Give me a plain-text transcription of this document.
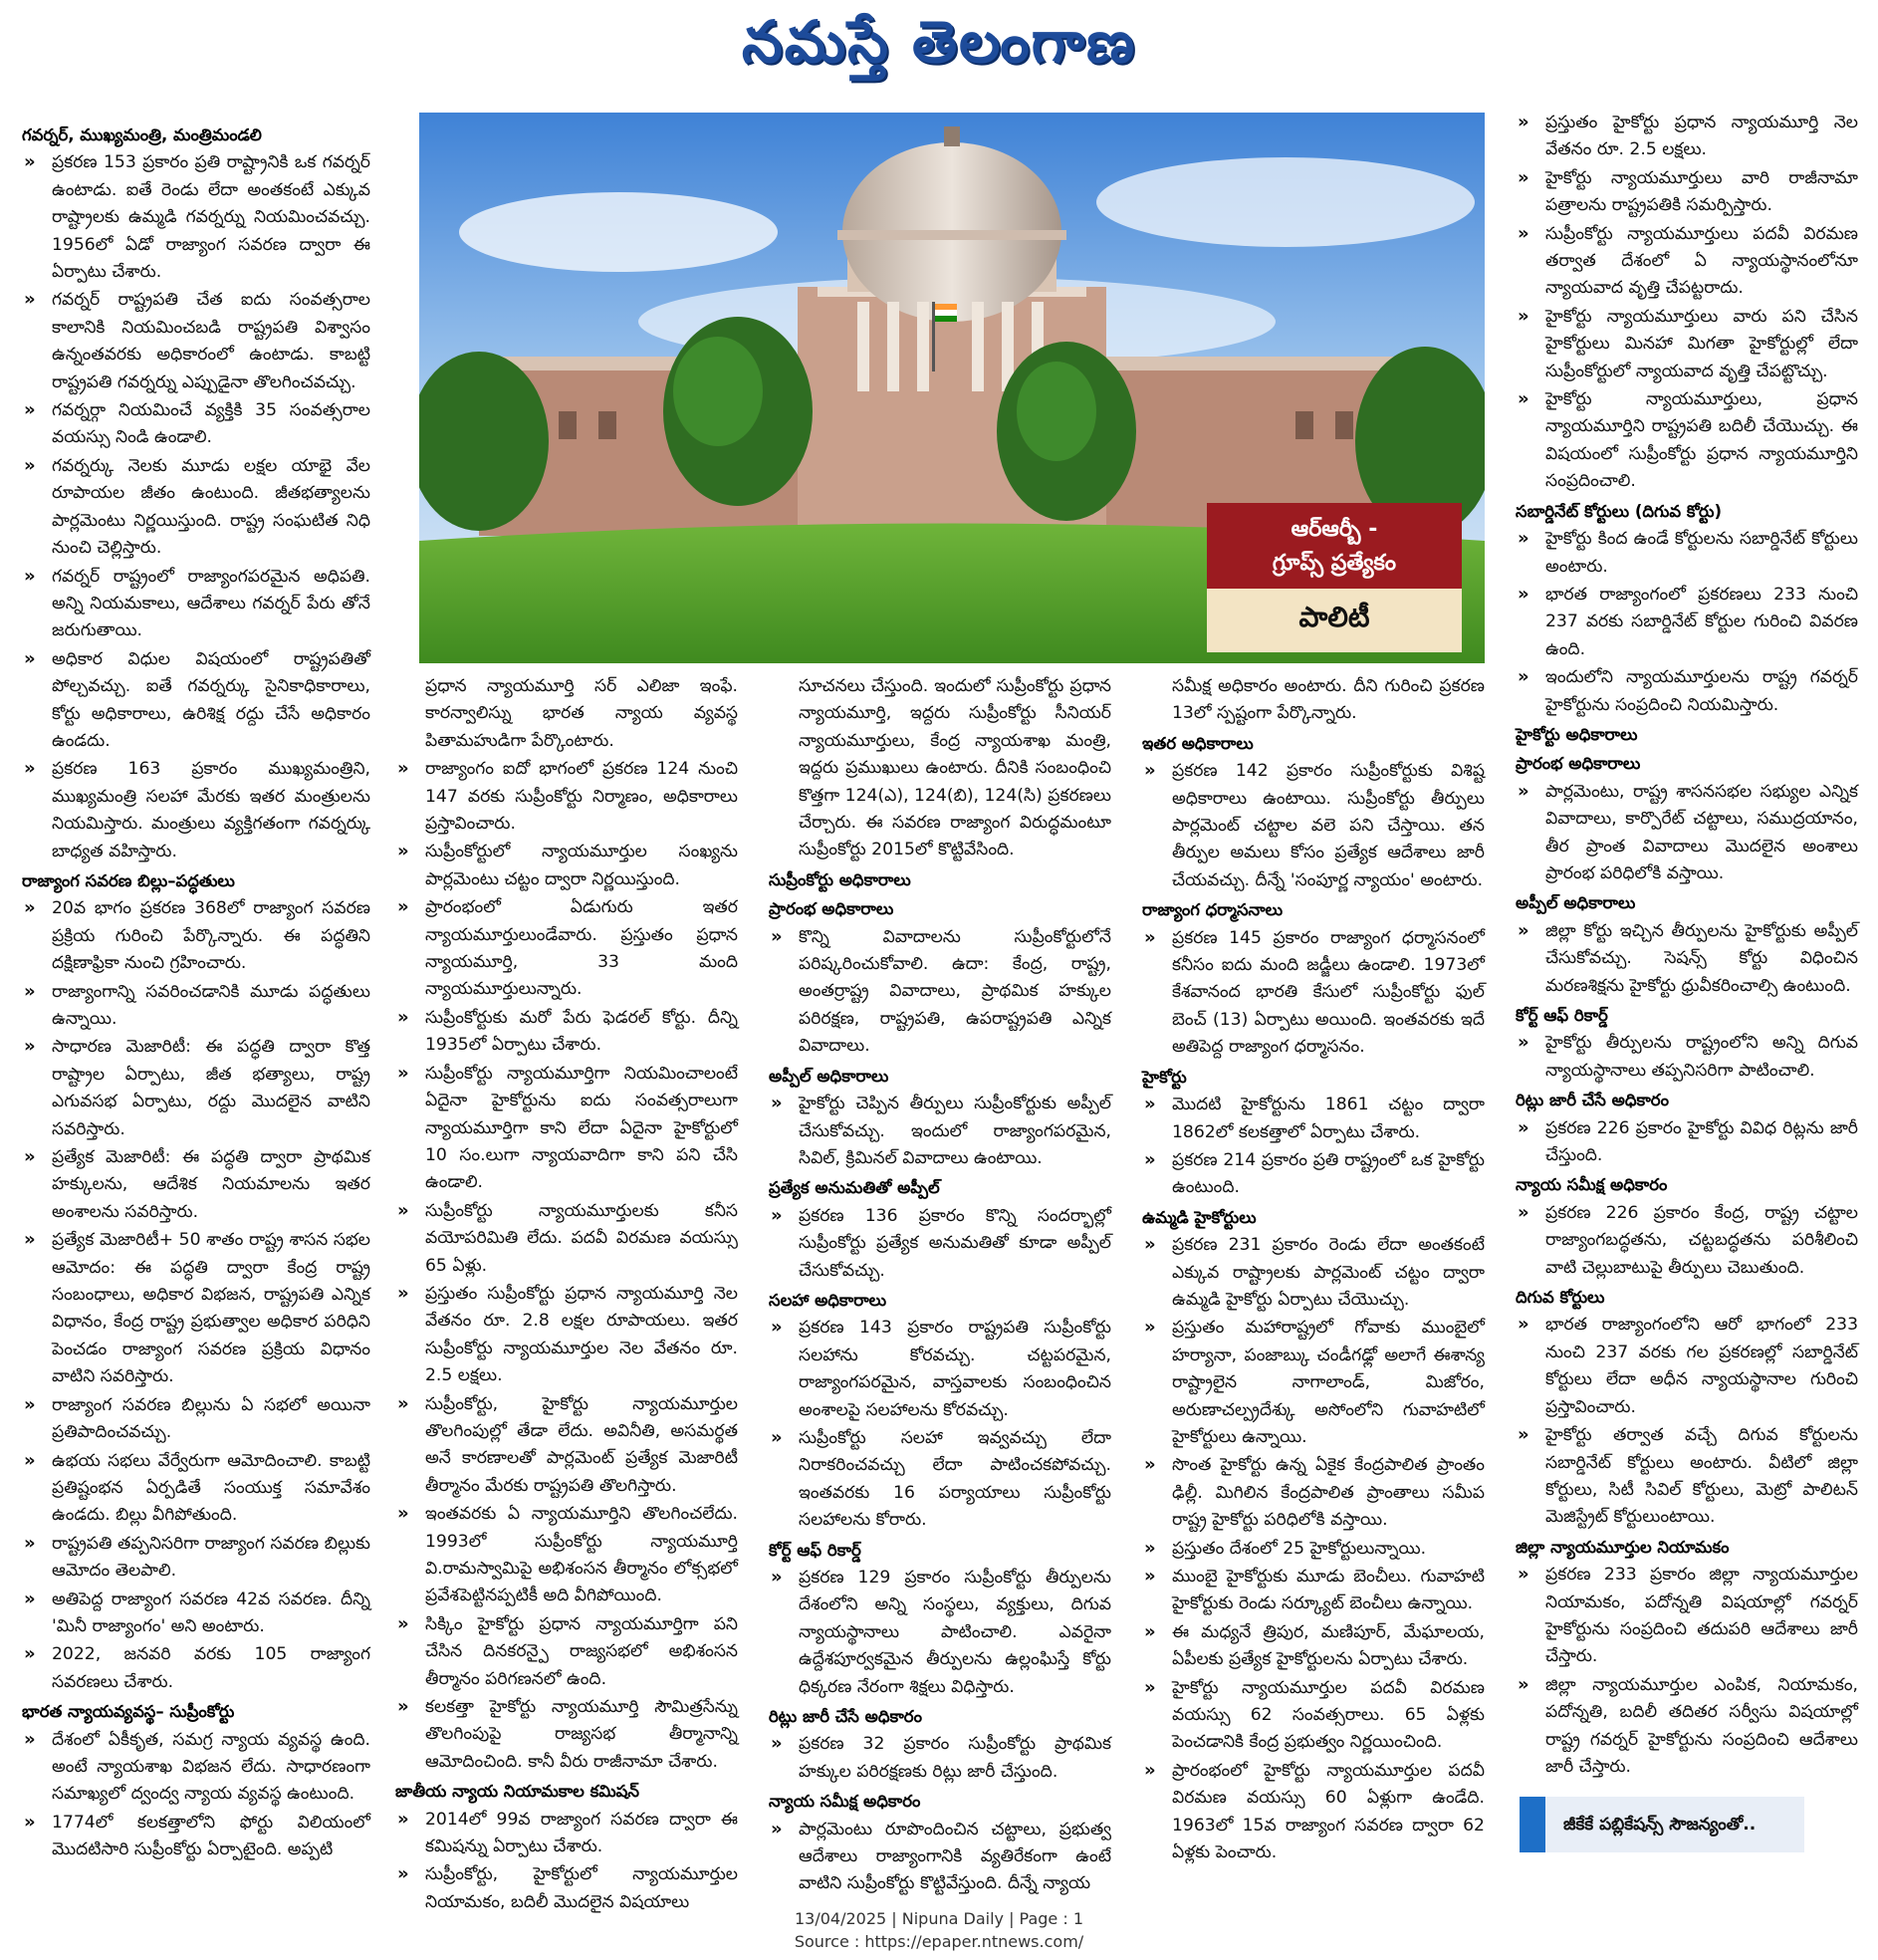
నమస్తే తెలంగాణ
గవర్నర్, ముఖ్యమంత్రి, మంత్రిమండలి

» ప్రకరణ 153 ప్రకారం ప్రతి రాష్ట్రానికి ఒక గవర్నర్ ఉంటాడు. ఐతే రెండు లేదా అంతకంటే ఎక్కువ రాష్ట్రాలకు ఉమ్మడి గవర్నర్ను నియమించవచ్చు. 1956లో ఏడో రాజ్యాంగ సవరణ ద్వారా ఈ ఏర్పాటు చేశారు.

» గవర్నర్ రాష్ట్రపతి చేత ఐదు సంవత్సరాల కాలానికి నియమించబడి రాష్ట్రపతి విశ్వాసం ఉన్నంతవరకు అధికారంలో ఉంటాడు. కాబట్టి రాష్ట్రపతి గవర్నర్ను ఎప్పుడైనా తొలగించవచ్చు.

» గవర్నర్గా నియమించే వ్యక్తికి 35 సంవత్సరాల వయస్సు నిండి ఉండాలి.

» గవర్నర్కు నెలకు మూడు లక్షల యాభై వేల రూపాయల జీతం ఉంటుంది. జీతభత్యాలను పార్లమెంటు నిర్ణయిస్తుంది. రాష్ట్ర సంఘటిత నిధి నుంచి చెల్లిస్తారు.

» గవర్నర్ రాష్ట్రంలో రాజ్యాంగపరమైన అధిపతి. అన్ని నియమకాలు, ఆదేశాలు గవర్నర్ పేరు తోనే జరుగుతాయి.

» అధికార విధుల విషయంలో రాష్ట్రపతితో పోల్చవచ్చు. ఐతే గవర్నర్కు సైనికాధికారాలు, కోర్టు అధికారాలు, ఉరిశిక్ష రద్దు చేసే అధికారం ఉండదు.

» ప్రకరణ 163 ప్రకారం ముఖ్యమంత్రిని, ముఖ్యమంత్రి సలహా మేరకు ఇతర మంత్రులను నియమిస్తారు. మంత్రులు వ్యక్తిగతంగా గవర్నర్కు బాధ్యత వహిస్తారు.

రాజ్యాంగ సవరణ బిల్లు–పద్ధతులు

» 20వ భాగం ప్రకరణ 368లో రాజ్యాంగ సవరణ ప్రక్రియ గురించి పేర్కొన్నారు. ఈ పద్ధతిని దక్షిణాఫ్రికా నుంచి గ్రహించారు.

» రాజ్యాంగాన్ని సవరించడానికి మూడు పద్ధతులు ఉన్నాయి.

» సాధారణ మెజారిటీ: ఈ పద్ధతి ద్వారా కొత్త రాష్ట్రాల ఏర్పాటు, జీత భత్యాలు, రాష్ట్ర ఎగువసభ ఏర్పాటు, రద్దు మొదలైన వాటిని సవరిస్తారు.

» ప్రత్యేక మెజారిటీ: ఈ పద్ధతి ద్వారా ప్రాథమిక హక్కులను, ఆదేశిక నియమాలను ఇతర అంశాలను సవరిస్తారు.

» ప్రత్యేక మెజారిటీ+ 50 శాతం రాష్ట్ర శాసన సభల ఆమోదం: ఈ పద్ధతి ద్వారా కేంద్ర రాష్ట్ర సంబంధాలు, అధికార విభజన, రాష్ట్రపతి ఎన్నిక విధానం, కేంద్ర రాష్ట్ర ప్రభుత్వాల అధికార పరిధిని పెంచడం రాజ్యాంగ సవరణ ప్రక్రియ విధానం వాటిని సవరిస్తారు.

» రాజ్యాంగ సవరణ బిల్లును ఏ సభలో అయినా ప్రతిపాదించవచ్చు.

» ఉభయ సభలు వేర్వేరుగా ఆమోదించాలి. కాబట్టి ప్రతిష్టంభన ఏర్పడితే సంయుక్త సమావేశం ఉండదు. బిల్లు వీగిపోతుంది.

» రాష్ట్రపతి తప్పనిసరిగా రాజ్యాంగ సవరణ బిల్లుకు ఆమోదం తెలపాలి.

» అతిపెద్ద రాజ్యాంగ సవరణ 42వ సవరణ. దీన్ని 'మినీ రాజ్యాంగం' అని అంటారు.

» 2022, జనవరి వరకు 105 రాజ్యాంగ సవరణలు చేశారు.

భారత న్యాయవ్యవస్థ– సుప్రీంకోర్టు

» దేశంలో ఏకీకృత, సమగ్ర న్యాయ వ్యవస్థ ఉంది. అంటే న్యాయశాఖ విభజన లేదు. సాధారణంగా సమాఖ్యలో ద్వంద్వ న్యాయ వ్యవస్థ ఉంటుంది.

» 1774లో కలకత్తాలోని ఫోర్టు విలియంలో మొదటిసారి సుప్రీంకోర్టు ఏర్పాటైంది. అప్పటి

ఆర్ఆర్బీ -
గ్రూప్స్ ప్రత్యేకం
పాలిటీ

ప్రధాన న్యాయమూర్తి సర్ ఎలిజా ఇంఫే. కారన్వాలిస్ను భారత న్యాయ వ్యవస్థ పితామహుడిగా పేర్కొంటారు.

» రాజ్యాంగం ఐదో భాగంలో ప్రకరణ 124 నుంచి 147 వరకు సుప్రీంకోర్టు నిర్మాణం, అధికారాలు ప్రస్తావించారు.

» సుప్రీంకోర్టులో న్యాయమూర్తుల సంఖ్యను పార్లమెంటు చట్టం ద్వారా నిర్ణయిస్తుంది.

» ప్రారంభంలో ఏడుగురు ఇతర న్యాయమూర్తులుండేవారు. ప్రస్తుతం ప్రధాన న్యాయమూర్తి, 33 మంది న్యాయమూర్తులున్నారు.

» సుప్రీంకోర్టుకు మరో పేరు ఫెడరల్ కోర్టు. దీన్ని 1935లో ఏర్పాటు చేశారు.

» సుప్రీంకోర్టు న్యాయమూర్తిగా నియమించాలంటే ఏదైనా హైకోర్టును ఐదు సంవత్సరాలుగా న్యాయమూర్తిగా కాని లేదా ఏదైనా హైకోర్టులో 10 సం.లుగా న్యాయవాదిగా కాని పని చేసి ఉండాలి.

» సుప్రీంకోర్టు న్యాయమూర్తులకు కనీస వయోపరిమితి లేదు. పదవీ విరమణ వయస్సు 65 ఏళ్లు.

» ప్రస్తుతం సుప్రీంకోర్టు ప్రధాన న్యాయమూర్తి నెల వేతనం రూ. 2.8 లక్షల రూపాయలు. ఇతర సుప్రీంకోర్టు న్యాయమూర్తుల నెల వేతనం రూ. 2.5 లక్షలు.

» సుప్రీంకోర్టు, హైకోర్టు న్యాయమూర్తుల తొలగింపుల్లో తేడా లేదు. అవినీతి, అసమర్థత అనే కారణాలతో పార్లమెంట్ ప్రత్యేక మెజారిటీ తీర్మానం మేరకు రాష్ట్రపతి తొలగిస్తారు.

» ఇంతవరకు ఏ న్యాయమూర్తిని తొలగించలేదు. 1993లో సుప్రీంకోర్టు న్యాయమూర్తి వి.రామస్వామిపై అభిశంసన తీర్మానం లోక్సభలో ప్రవేశపెట్టినప్పటికీ అది వీగిపోయింది.

» సిక్కిం హైకోర్టు ప్రధాన న్యాయమూర్తిగా పని చేసిన దినకరన్పై రాజ్యసభలో అభిశంసన తీర్మానం పరిగణనలో ఉంది.

» కలకత్తా హైకోర్టు న్యాయమూర్తి సౌమిత్రసేన్ను తొలగింపుపై రాజ్యసభ తీర్మానాన్ని ఆమోదించింది. కానీ వీరు రాజీనామా చేశారు.

జాతీయ న్యాయ నియామకాల కమిషన్

» 2014లో 99వ రాజ్యాంగ సవరణ ద్వారా ఈ కమిషన్ను ఏర్పాటు చేశారు.

» సుప్రీంకోర్టు, హైకోర్టులో న్యాయమూర్తుల నియామకం, బదిలీ మొదలైన విషయాలు

సూచనలు చేస్తుంది. ఇందులో సుప్రీంకోర్టు ప్రధాన న్యాయమూర్తి, ఇద్దరు సుప్రీంకోర్టు సీనియర్ న్యాయమూర్తులు, కేంద్ర న్యాయశాఖ మంత్రి, ఇద్దరు ప్రముఖులు ఉంటారు. దీనికి సంబంధించి కొత్తగా 124(ఎ), 124(బి), 124(సి) ప్రకరణలు చేర్చారు. ఈ సవరణ రాజ్యాంగ విరుద్ధమంటూ సుప్రీంకోర్టు 2015లో కొట్టివేసింది.

సుప్రీంకోర్టు అధికారాలు
ప్రారంభ అధికారాలు

» కొన్ని వివాదాలను సుప్రీంకోర్టులోనే పరిష్కరించుకోవాలి. ఉదా: కేంద్ర, రాష్ట్ర, అంతర్రాష్ట్ర వివాదాలు, ప్రాథమిక హక్కుల పరిరక్షణ, రాష్ట్రపతి, ఉపరాష్ట్రపతి ఎన్నిక వివాదాలు.

అప్పీల్ అధికారాలు

» హైకోర్టు చెప్పిన తీర్పులు సుప్రీంకోర్టుకు అప్పీల్ చేసుకోవచ్చు. ఇందులో రాజ్యాంగపరమైన, సివిల్, క్రిమినల్ వివాదాలు ఉంటాయి.

ప్రత్యేక అనుమతితో అప్పీల్

» ప్రకరణ 136 ప్రకారం కొన్ని సందర్భాల్లో సుప్రీంకోర్టు ప్రత్యేక అనుమతితో కూడా అప్పీల్ చేసుకోవచ్చు.

సలహా అధికారాలు

» ప్రకరణ 143 ప్రకారం రాష్ట్రపతి సుప్రీంకోర్టు సలహాను కోరవచ్చు. చట్టపరమైన, రాజ్యాంగపరమైన, వాస్తవాలకు సంబంధించిన అంశాలపై సలహాలను కోరవచ్చు.

» సుప్రీంకోర్టు సలహా ఇవ్వవచ్చు లేదా నిరాకరించవచ్చు లేదా పాటించకపోవచ్చు. ఇంతవరకు 16 పర్యాయాలు సుప్రీంకోర్టు సలహాలను కోరారు.

కోర్ట్ ఆఫ్ రికార్డ్

» ప్రకరణ 129 ప్రకారం సుప్రీంకోర్టు తీర్పులను దేశంలోని అన్ని సంస్థలు, వ్యక్తులు, దిగువ న్యాయస్థానాలు పాటించాలి. ఎవరైనా ఉద్దేశపూర్వకమైన తీర్పులను ఉల్లంఘిస్తే కోర్టు ధిక్కరణ నేరంగా శిక్షలు విధిస్తారు.

రిట్లు జారీ చేసే అధికారం

» ప్రకరణ 32 ప్రకారం సుప్రీంకోర్టు ప్రాథమిక హక్కుల పరిరక్షణకు రిట్లు జారీ చేస్తుంది.

న్యాయ సమీక్ష అధికారం

» పార్లమెంటు రూపొందించిన చట్టాలు, ప్రభుత్వ ఆదేశాలు రాజ్యాంగానికి వ్యతిరేకంగా ఉంటే వాటిని సుప్రీంకోర్టు కొట్టివేస్తుంది. దీన్నే న్యాయ

సమీక్ష అధికారం అంటారు. దీని గురించి ప్రకరణ 13లో స్పష్టంగా పేర్కొన్నారు.

ఇతర అధికారాలు

» ప్రకరణ 142 ప్రకారం సుప్రీంకోర్టుకు విశిష్ట అధికారాలు ఉంటాయి. సుప్రీంకోర్టు తీర్పులు పార్లమెంట్ చట్టాల వలె పని చేస్తాయి. తన తీర్పుల అమలు కోసం ప్రత్యేక ఆదేశాలు జారీ చేయవచ్చు. దీన్నే 'సంపూర్ణ న్యాయం' అంటారు.

రాజ్యాంగ ధర్మాసనాలు

» ప్రకరణ 145 ప్రకారం రాజ్యాంగ ధర్మాసనంలో కనీసం ఐదు మంది జడ్జీలు ఉండాలి. 1973లో కేశవానంద భారతి కేసులో సుప్రీంకోర్టు ఫుల్ బెంచ్ (13) ఏర్పాటు అయింది. ఇంతవరకు ఇదే అతిపెద్ద రాజ్యాంగ ధర్మాసనం.

హైకోర్టు

» మొదటి హైకోర్టును 1861 చట్టం ద్వారా 1862లో కలకత్తాలో ఏర్పాటు చేశారు.

» ప్రకరణ 214 ప్రకారం ప్రతి రాష్ట్రంలో ఒక హైకోర్టు ఉంటుంది.

ఉమ్మడి హైకోర్టులు

» ప్రకరణ 231 ప్రకారం రెండు లేదా అంతకంటే ఎక్కువ రాష్ట్రాలకు పార్లమెంట్ చట్టం ద్వారా ఉమ్మడి హైకోర్టు ఏర్పాటు చేయొచ్చు.

» ప్రస్తుతం మహారాష్ట్రలో గోవాకు ముంబైలో హర్యానా, పంజాబ్కు చండీగఢ్లో అలాగే ఈశాన్య రాష్ట్రాలైన నాగాలాండ్, మిజోరం, అరుణాచల్ప్రదేశ్కు అసోంలోని గువాహటిలో హైకోర్టులు ఉన్నాయి.

» సొంత హైకోర్టు ఉన్న ఏకైక కేంద్రపాలిత ప్రాంతం ఢిల్లీ. మిగిలిన కేంద్రపాలిత ప్రాంతాలు సమీప రాష్ట్ర హైకోర్టు పరిధిలోకి వస్తాయి.

» ప్రస్తుతం దేశంలో 25 హైకోర్టులున్నాయి.

» ముంబై హైకోర్టుకు మూడు బెంచీలు. గువాహటి హైకోర్టుకు రెండు సర్క్యూట్ బెంచీలు ఉన్నాయి.

» ఈ మధ్యనే త్రిపుర, మణిపూర్, మేఘాలయ, ఏపీలకు ప్రత్యేక హైకోర్టులను ఏర్పాటు చేశారు.

» హైకోర్టు న్యాయమూర్తుల పదవీ విరమణ వయస్సు 62 సంవత్సరాలు. 65 ఏళ్లకు పెంచడానికి కేంద్ర ప్రభుత్వం నిర్ణయించింది.

» ప్రారంభంలో హైకోర్టు న్యాయమూర్తుల పదవీ విరమణ వయస్సు 60 ఏళ్లుగా ఉండేది. 1963లో 15వ రాజ్యాంగ సవరణ ద్వారా 62 ఏళ్లకు పెంచారు.

» ప్రస్తుతం హైకోర్టు ప్రధాన న్యాయమూర్తి నెల వేతనం రూ. 2.5 లక్షలు.

» హైకోర్టు న్యాయమూర్తులు వారి రాజీనామా పత్రాలను రాష్ట్రపతికి సమర్పిస్తారు.

» సుప్రీంకోర్టు న్యాయమూర్తులు పదవీ విరమణ తర్వాత దేశంలో ఏ న్యాయస్థానంలోనూ న్యాయవాద వృత్తి చేపట్టరాదు.

» హైకోర్టు న్యాయమూర్తులు వారు పని చేసిన హైకోర్టులు మినహా మిగతా హైకోర్టుల్లో లేదా సుప్రీంకోర్టులో న్యాయవాద వృత్తి చేపట్టొచ్చు.

» హైకోర్టు న్యాయమూర్తులు, ప్రధాన న్యాయమూర్తిని రాష్ట్రపతి బదిలీ చేయొచ్చు. ఈ విషయంలో సుప్రీంకోర్టు ప్రధాన న్యాయమూర్తిని సంప్రదించాలి.

సబార్డినేట్ కోర్టులు (దిగువ కోర్టు)

» హైకోర్టు కింద ఉండే కోర్టులను సబార్డినేట్ కోర్టులు అంటారు.

» భారత రాజ్యాంగంలో ప్రకరణలు 233 నుంచి 237 వరకు సబార్డినేట్ కోర్టుల గురించి వివరణ ఉంది.

» ఇందులోని న్యాయమూర్తులను రాష్ట్ర గవర్నర్ హైకోర్టును సంప్రదించి నియమిస్తారు.

హైకోర్టు అధికారాలు
ప్రారంభ అధికారాలు

» పార్లమెంటు, రాష్ట్ర శాసనసభల సభ్యుల ఎన్నిక వివాదాలు, కార్పొరేట్ చట్టాలు, సముద్రయానం, తీర ప్రాంత వివాదాలు మొదలైన అంశాలు ప్రారంభ పరిధిలోకి వస్తాయి.

అప్పీల్ అధికారాలు

» జిల్లా కోర్టు ఇచ్చిన తీర్పులను హైకోర్టుకు అప్పీల్ చేసుకోవచ్చు. సెషన్స్ కోర్టు విధించిన మరణశిక్షను హైకోర్టు ధ్రువీకరించాల్సి ఉంటుంది.

కోర్ట్ ఆఫ్ రికార్డ్

» హైకోర్టు తీర్పులను రాష్ట్రంలోని అన్ని దిగువ న్యాయస్థానాలు తప్పనిసరిగా పాటించాలి.

రిట్లు జారీ చేసే అధికారం

» ప్రకరణ 226 ప్రకారం హైకోర్టు వివిధ రిట్లను జారీ చేస్తుంది.

న్యాయ సమీక్ష అధికారం

» ప్రకరణ 226 ప్రకారం కేంద్ర, రాష్ట్ర చట్టాల రాజ్యాంగబద్ధతను, చట్టబద్ధతను పరిశీలించి వాటి చెల్లుబాటుపై తీర్పులు చెబుతుంది.

దిగువ కోర్టులు

» భారత రాజ్యాంగంలోని ఆరో భాగంలో 233 నుంచి 237 వరకు గల ప్రకరణల్లో సబార్డినేట్ కోర్టులు లేదా అధీన న్యాయస్థానాల గురించి ప్రస్తావించారు.

» హైకోర్టు తర్వాత వచ్చే దిగువ కోర్టులను సబార్డినేట్ కోర్టులు అంటారు. వీటిలో జిల్లా కోర్టులు, సిటీ సివిల్ కోర్టులు, మెట్రో పాలిటన్ మెజిస్ట్రేట్ కోర్టులుంటాయి.

జిల్లా న్యాయమూర్తుల నియామకం

» ప్రకరణ 233 ప్రకారం జిల్లా న్యాయమూర్తుల నియామకం, పదోన్నతి విషయాల్లో గవర్నర్ హైకోర్టును సంప్రదించి తదుపరి ఆదేశాలు జారీ చేస్తారు.

» జిల్లా న్యాయమూర్తుల ఎంపిక, నియామకం, పదోన్నతి, బదిలీ తదితర సర్వీసు విషయాల్లో రాష్ట్ర గవర్నర్ హైకోర్టును సంప్రదించి ఆదేశాలు జారీ చేస్తారు.

జీకేకే పబ్లికేషన్స్ సౌజన్యంతో..
13/04/2025 | Nipuna Daily | Page : 1
Source : https://epaper.ntnews.com/
